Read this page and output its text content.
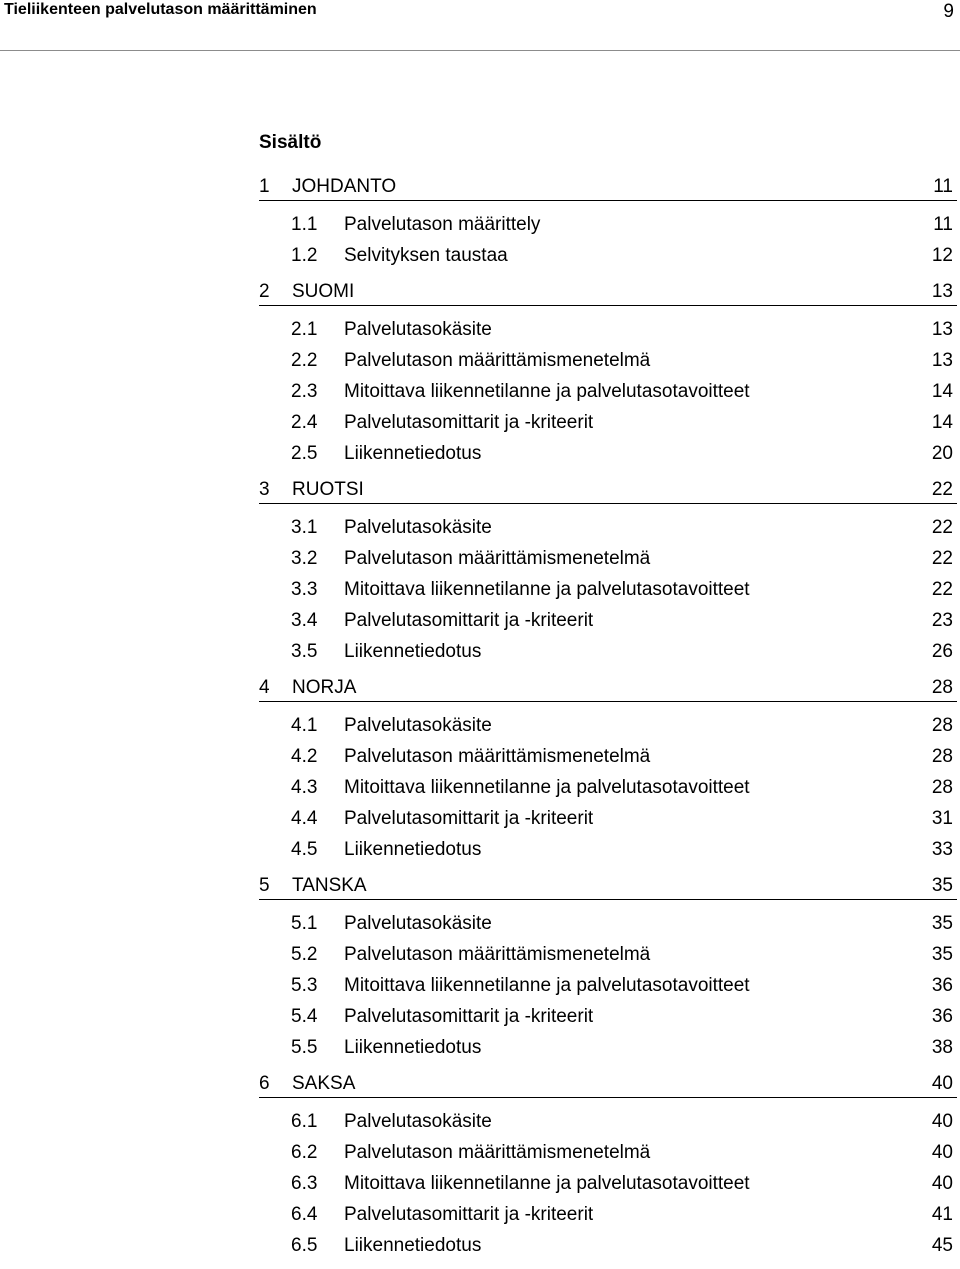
Tieliikenteen palvelutason määrittäminen	9
Sisältö
1 JOHDANTO	11
1.1 Palvelutason määrittely	11
1.2 Selvityksen taustaa	12
2 SUOMI	13
2.1 Palvelutasokäsite	13
2.2 Palvelutason määrittämismenetelmä	13
2.3 Mitoittava liikennetilanne ja palvelutasotavoitteet	14
2.4 Palvelutasomittarit ja -kriteerit	14
2.5 Liikennetiedotus	20
3 RUOTSI	22
3.1 Palvelutasokäsite	22
3.2 Palvelutason määrittämismenetelmä	22
3.3 Mitoittava liikennetilanne ja palvelutasotavoitteet	22
3.4 Palvelutasomittarit ja -kriteerit	23
3.5 Liikennetiedotus	26
4 NORJA	28
4.1 Palvelutasokäsite	28
4.2 Palvelutason määrittämismenetelmä	28
4.3 Mitoittava liikennetilanne ja palvelutasotavoitteet	28
4.4 Palvelutasomittarit ja -kriteerit	31
4.5 Liikennetiedotus	33
5 TANSKA	35
5.1 Palvelutasokäsite	35
5.2 Palvelutason määrittämismenetelmä	35
5.3 Mitoittava liikennetilanne ja palvelutasotavoitteet	36
5.4 Palvelutasomittarit ja -kriteerit	36
5.5 Liikennetiedotus	38
6 SAKSA	40
6.1 Palvelutasokäsite	40
6.2 Palvelutason määrittämismenetelmä	40
6.3 Mitoittava liikennetilanne ja palvelutasotavoitteet	40
6.4 Palvelutasomittarit ja -kriteerit	41
6.5 Liikennetiedotus	45
